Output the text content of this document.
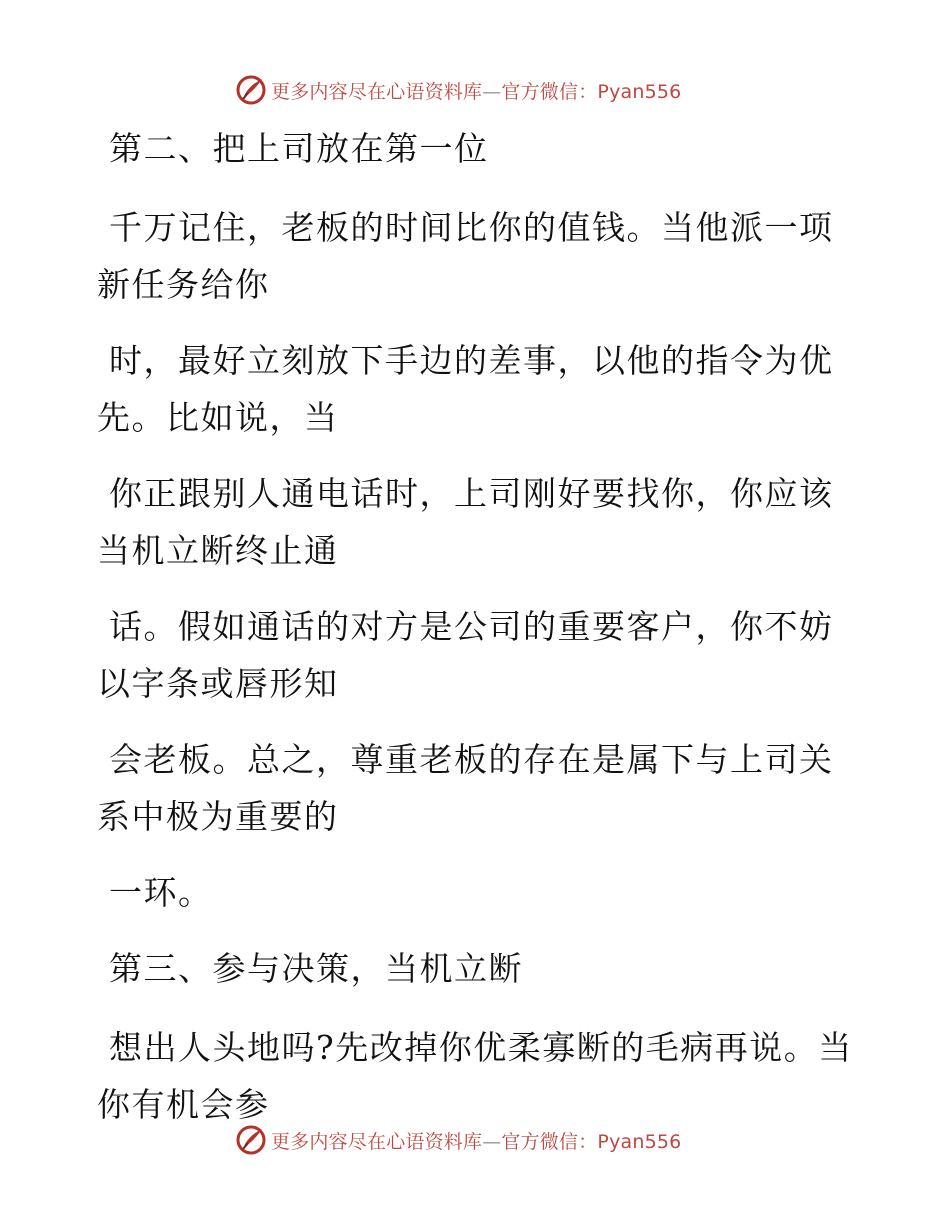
更多内容尽在心语资料库—官方微信：Pyan556

第二、把上司放在第一位

千万记住，老板的时间比你的值钱。当他派一项新任务给你

时，最好立刻放下手边的差事，以他的指令为优先。比如说，当

你正跟别人通电话时，上司刚好要找你，你应该当机立断终止通

话。假如通话的对方是公司的重要客户，你不妨以字条或唇形知

会老板。总之，尊重老板的存在是属下与上司关系中极为重要的

一环。

第三、参与决策，当机立断

想出人头地吗?先改掉你优柔寡断的毛病再说。当你有机会参

更多内容尽在心语资料库—官方微信：Pyan556
